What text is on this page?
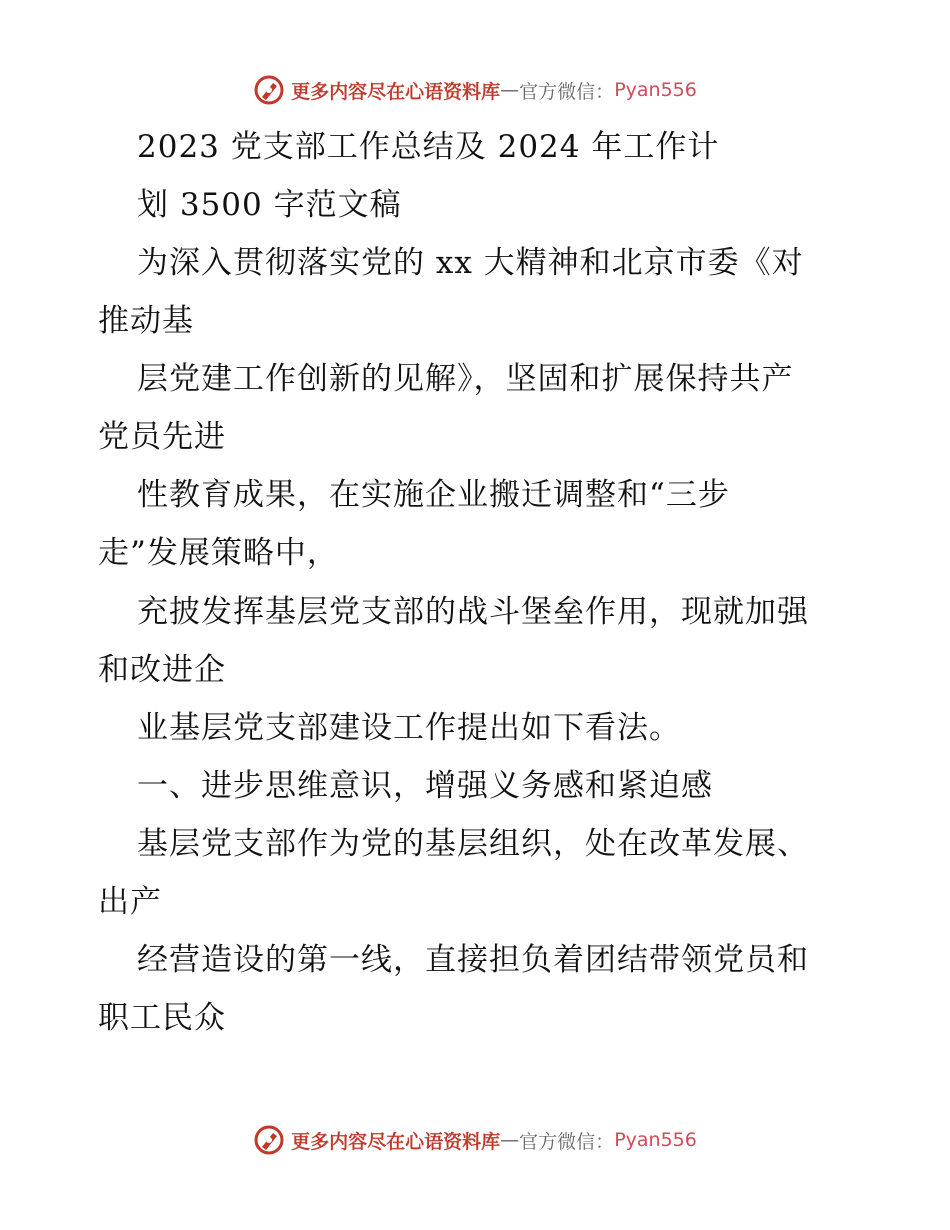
更多内容尽在心语资料库 — 官方微信： Pyan556
2023 党支部工作总结及 2024 年工作计
划 3500 字范文稿
为深入贯彻落实党的 xx 大精神和北京市委《对
推动基
层党建工作创新的见解》，坚固和扩展保持共产
党员先进
性教育成果，在实施企业搬迁调整和“三步
走”发展策略中，
充披发挥基层党支部的战斗堡垒作用，现就加强
和改进企
业基层党支部建设工作提出如下看法。
一、进步思维意识，增强义务感和紧迫感
基层党支部作为党的基层组织，处在改革发展、
出产
经营造设的第一线，直接担负着团结带领党员和
职工民众
更多内容尽在心语资料库 — 官方微信： Pyan556
